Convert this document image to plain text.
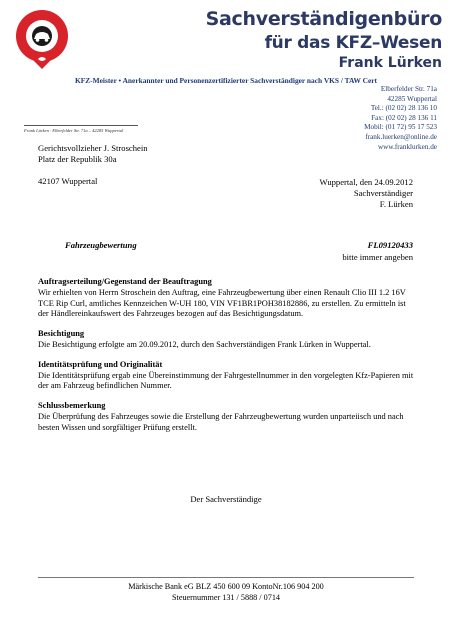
Sachverständigenbüro
für das KFZ–Wesen
Frank Lürken
KFZ-Meister • Anerkannter und Personenzertifizierter Sachverständiger nach VKS / TAW Cert
Elberfelder Str. 71a
42285 Wuppertal
Tel.: (02 02) 28 136 10
Fax: (02 02) 28 136 11
Mobil: (01 72) 95 17 523
frank.luerken@online.de
www.franklurken.de
Frank Lürken · Elberfelder Str. 71a – 42285 Wuppertal
Gerichtsvollzieher J. Stroschein
Platz der Republik 30a

42107 Wuppertal	Wuppertal, den 24.09.2012
Sachverständiger
F. Lürken
Fahrzeugbewertung	FL09120433
bitte immer angeben
Auftragserteilung/Gegenstand der Beauftragung

Wir erhielten von Herrn Stroschein den Auftrag, eine Fahrzeugbewertung über einen Renault Clio III 1.2 16V TCE Rip Curl, amtliches Kennzeichen W-UH 180, VIN VF1BR1POH38182886, zu erstellen. Zu ermitteln ist der Händlereinkaufswert des Fahrzeuges bezogen auf das Besichtigungsdatum.

Besichtigung

Die Besichtigung erfolgte am 20.09.2012, durch den Sachverständigen Frank Lürken in Wuppertal.

Identitätsprüfung und Originalität

Die Identitätsprüfung ergab eine Übereinstimmung der Fahrgestellnummer in den vorgelegten Kfz-Papieren mit der am Fahrzeug befindlichen Nummer.

Schlussbemerkung

Die Überprüfung des Fahrzeuges sowie die Erstellung der Fahrzeugbewertung wurden unparteiisch und nach besten Wissen und sorgfältiger Prüfung erstellt.

Der Sachverständige
Märkische Bank eG BLZ 450 600 09 KontoNr.106 904 200
Steuernummer 131 / 5888 / 0714
